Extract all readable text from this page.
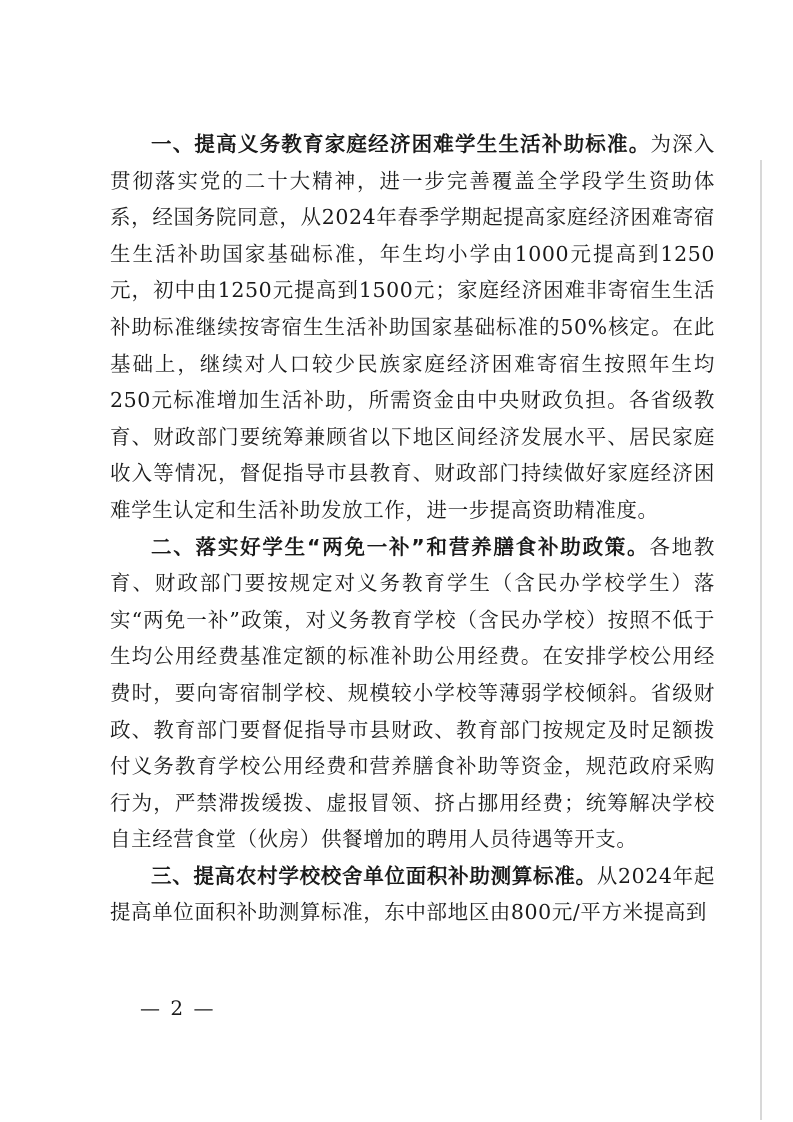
一、提高义务教育家庭经济困难学生生活补助标准。为深入贯彻落实党的二十大精神，进一步完善覆盖全学段学生资助体系，经国务院同意，从2024年春季学期起提高家庭经济困难寄宿生生活补助国家基础标准，年生均小学由1000元提高到1250元，初中由1250元提高到1500元；家庭经济困难非寄宿生生活补助标准继续按寄宿生生活补助国家基础标准的50%核定。在此基础上，继续对人口较少民族家庭经济困难寄宿生按照年生均250元标准增加生活补助，所需资金由中央财政负担。各省级教育、财政部门要统筹兼顾省以下地区间经济发展水平、居民家庭收入等情况，督促指导市县教育、财政部门持续做好家庭经济困难学生认定和生活补助发放工作，进一步提高资助精准度。

二、落实好学生“两免一补”和营养膳食补助政策。各地教育、财政部门要按规定对义务教育学生（含民办学校学生）落实“两免一补”政策，对义务教育学校（含民办学校）按照不低于生均公用经费基准定额的标准补助公用经费。在安排学校公用经费时，要向寄宿制学校、规模较小学校等薄弱学校倾斜。省级财政、教育部门要督促指导市县财政、教育部门按规定及时足额拨付义务教育学校公用经费和营养膳食补助等资金，规范政府采购行为，严禁滞拨缓拨、虚报冒领、挤占挪用经费；统筹解决学校自主经营食堂（伙房）供餐增加的聘用人员待遇等开支。

三、提高农村学校校舍单位面积补助测算标准。从2024年起提高单位面积补助测算标准，东中部地区由800元/平方米提高到

— 2 —
